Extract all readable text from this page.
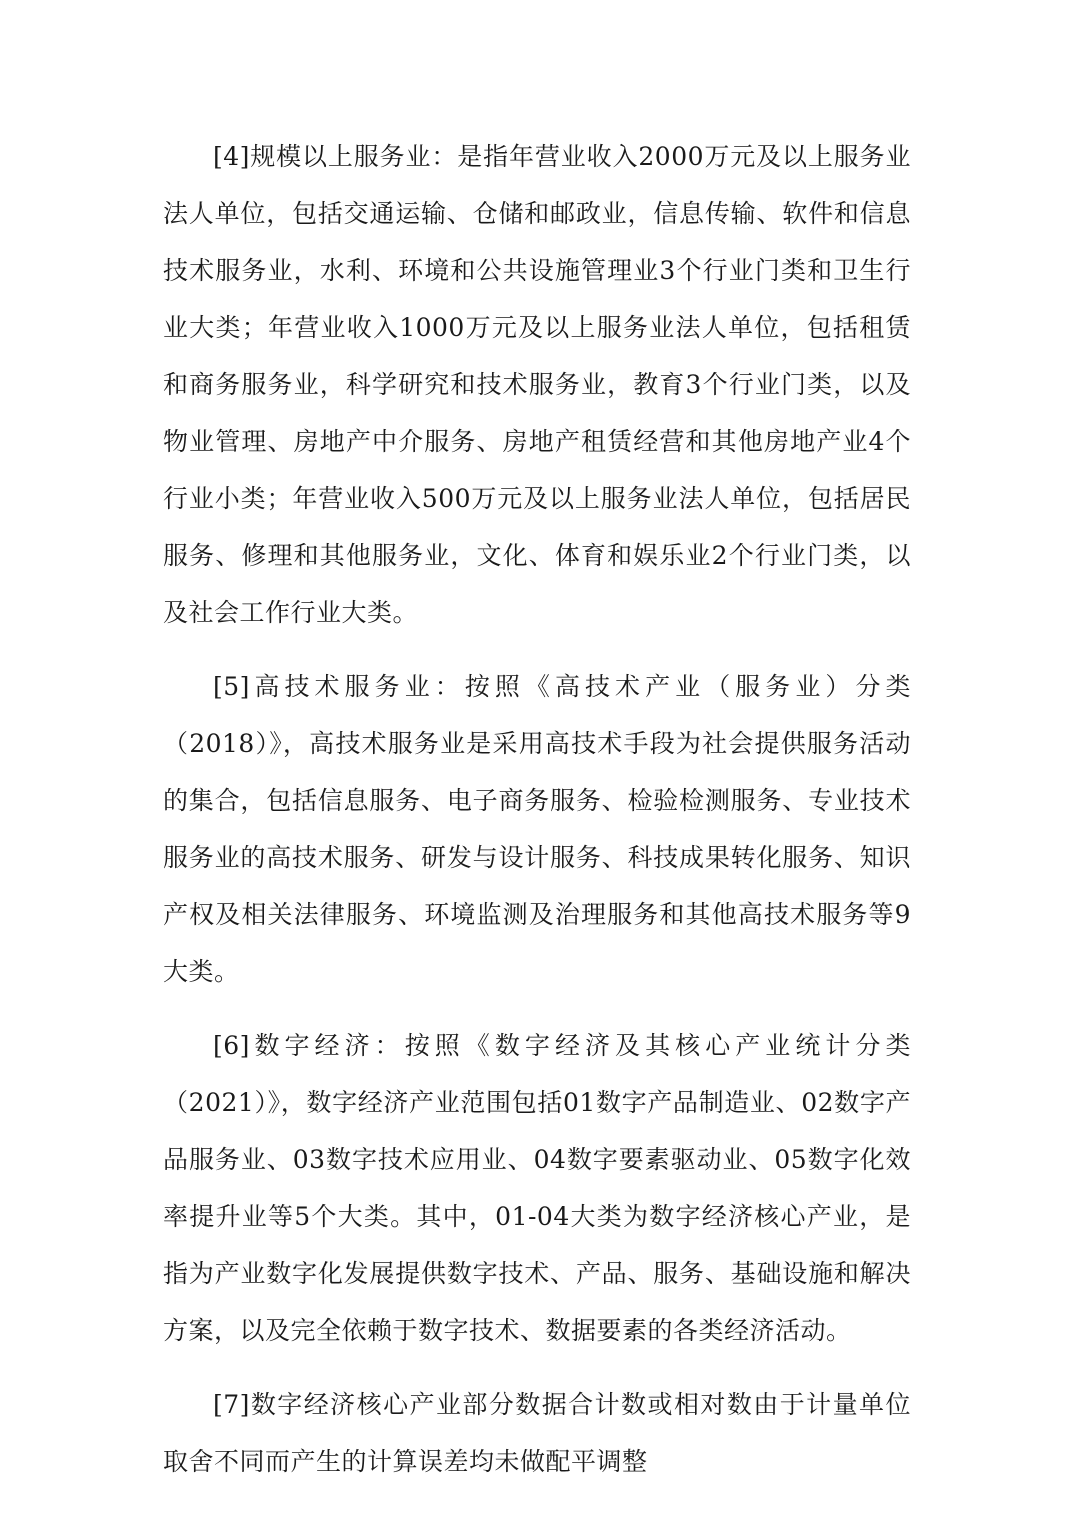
[4]规模以上服务业：是指年营业收入2000万元及以上服务业法人单位，包括交通运输、仓储和邮政业，信息传输、软件和信息技术服务业，水利、环境和公共设施管理业3个行业门类和卫生行业大类；年营业收入1000万元及以上服务业法人单位，包括租赁和商务服务业，科学研究和技术服务业，教育3个行业门类，以及物业管理、房地产中介服务、房地产租赁经营和其他房地产业4个行业小类；年营业收入500万元及以上服务业法人单位，包括居民服务、修理和其他服务业，文化、体育和娱乐业2个行业门类，以及社会工作行业大类。

[5]高技术服务业：按照《高技术产业（服务业）分类（2018）》，高技术服务业是采用高技术手段为社会提供服务活动的集合，包括信息服务、电子商务服务、检验检测服务、专业技术服务业的高技术服务、研发与设计服务、科技成果转化服务、知识产权及相关法律服务、环境监测及治理服务和其他高技术服务等9大类。

[6]数字经济：按照《数字经济及其核心产业统计分类（2021）》，数字经济产业范围包括01数字产品制造业、02数字产品服务业、03数字技术应用业、04数字要素驱动业、05数字化效率提升业等5个大类。其中，01-04大类为数字经济核心产业，是指为产业数字化发展提供数字技术、产品、服务、基础设施和解决方案，以及完全依赖于数字技术、数据要素的各类经济活动。

[7]数字经济核心产业部分数据合计数或相对数由于计量单位取舍不同而产生的计算误差均未做配平调整
